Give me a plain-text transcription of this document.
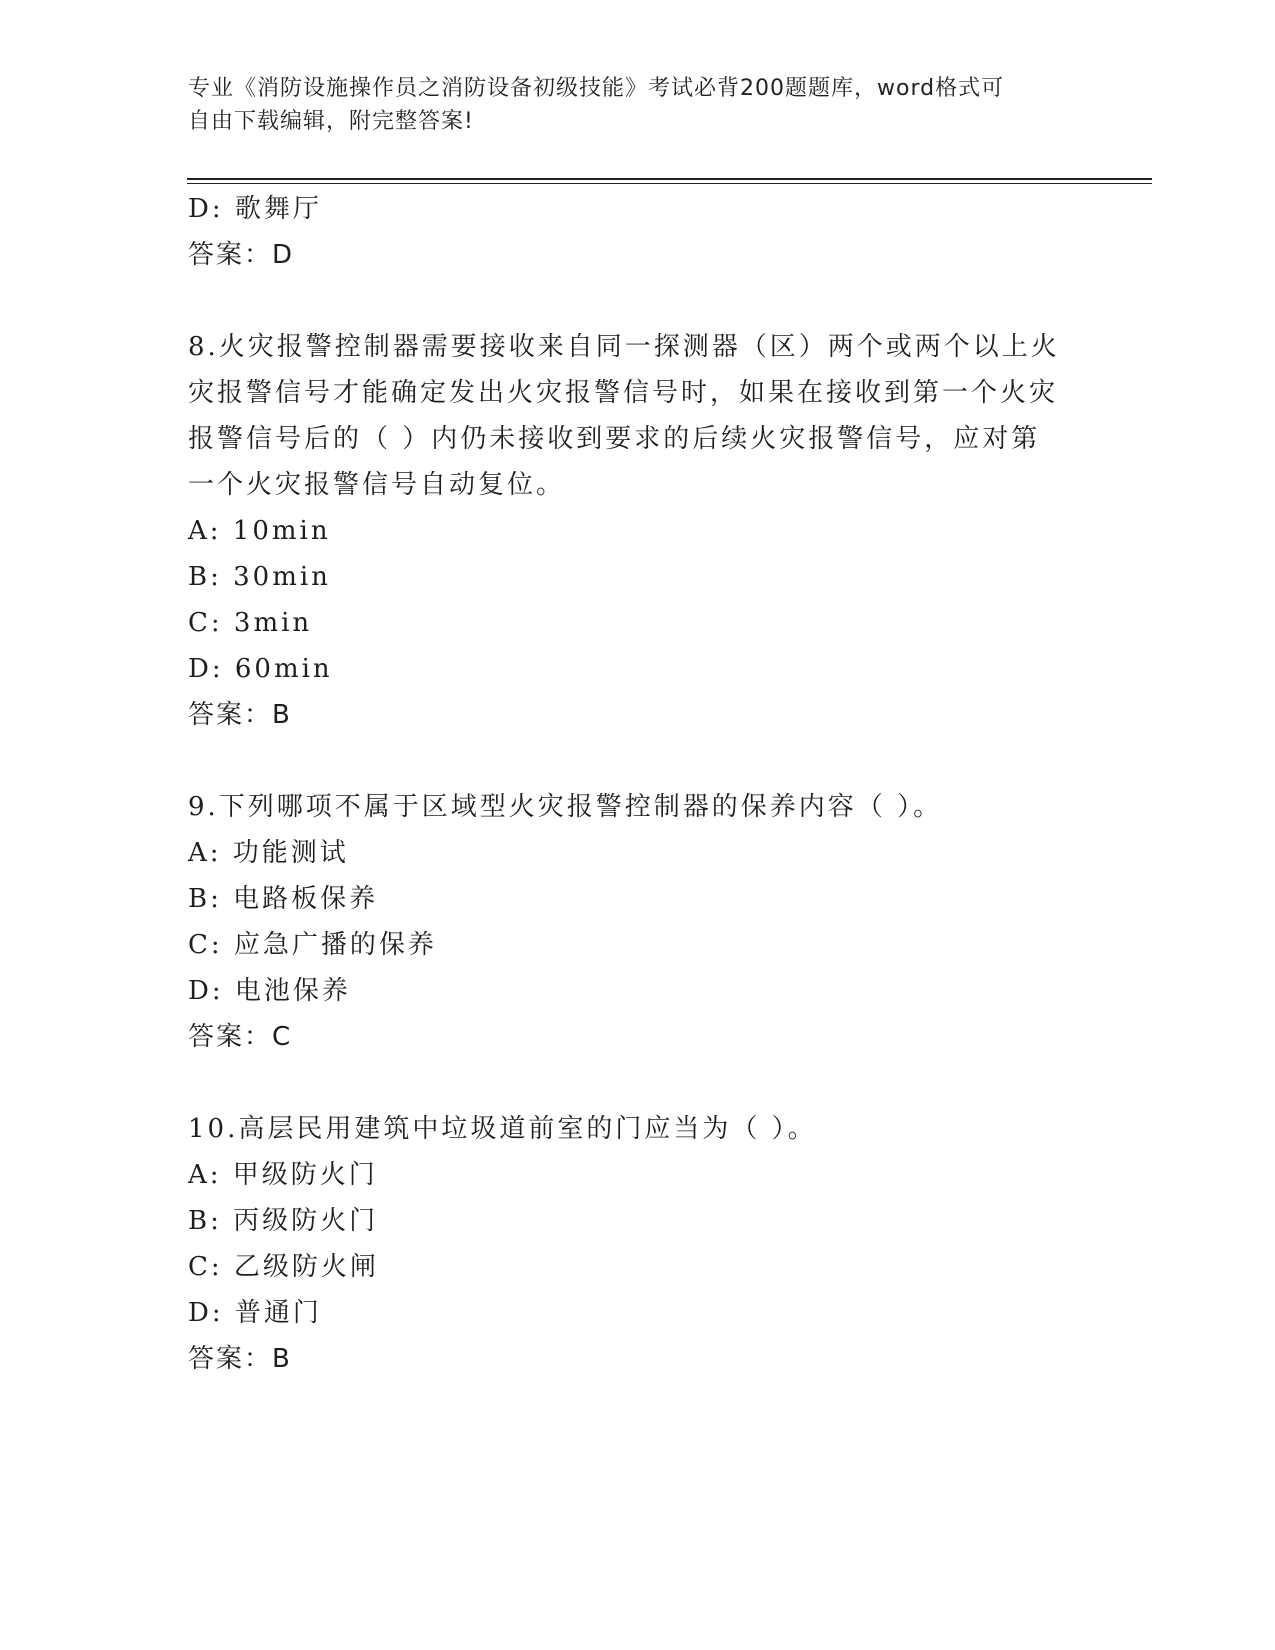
专业《消防设施操作员之消防设备初级技能》考试必背200题题库，word格式可
自由下载编辑，附完整答案!
D: 歌舞厅
答案：D
8.火灾报警控制器需要接收来自同一探测器（区）两个或两个以上火
灾报警信号才能确定发出火灾报警信号时，如果在接收到第一个火灾
报警信号后的（ ）内仍未接收到要求的后续火灾报警信号，应对第
一个火灾报警信号自动复位。
A: 10min
B: 30min
C: 3min
D: 60min
答案：B
9.下列哪项不属于区域型火灾报警控制器的保养内容（ ）。
A: 功能测试
B: 电路板保养
C: 应急广播的保养
D: 电池保养
答案：C
10.高层民用建筑中垃圾道前室的门应当为（ ）。
A: 甲级防火门
B: 丙级防火门
C: 乙级防火闸
D: 普通门
答案：B
